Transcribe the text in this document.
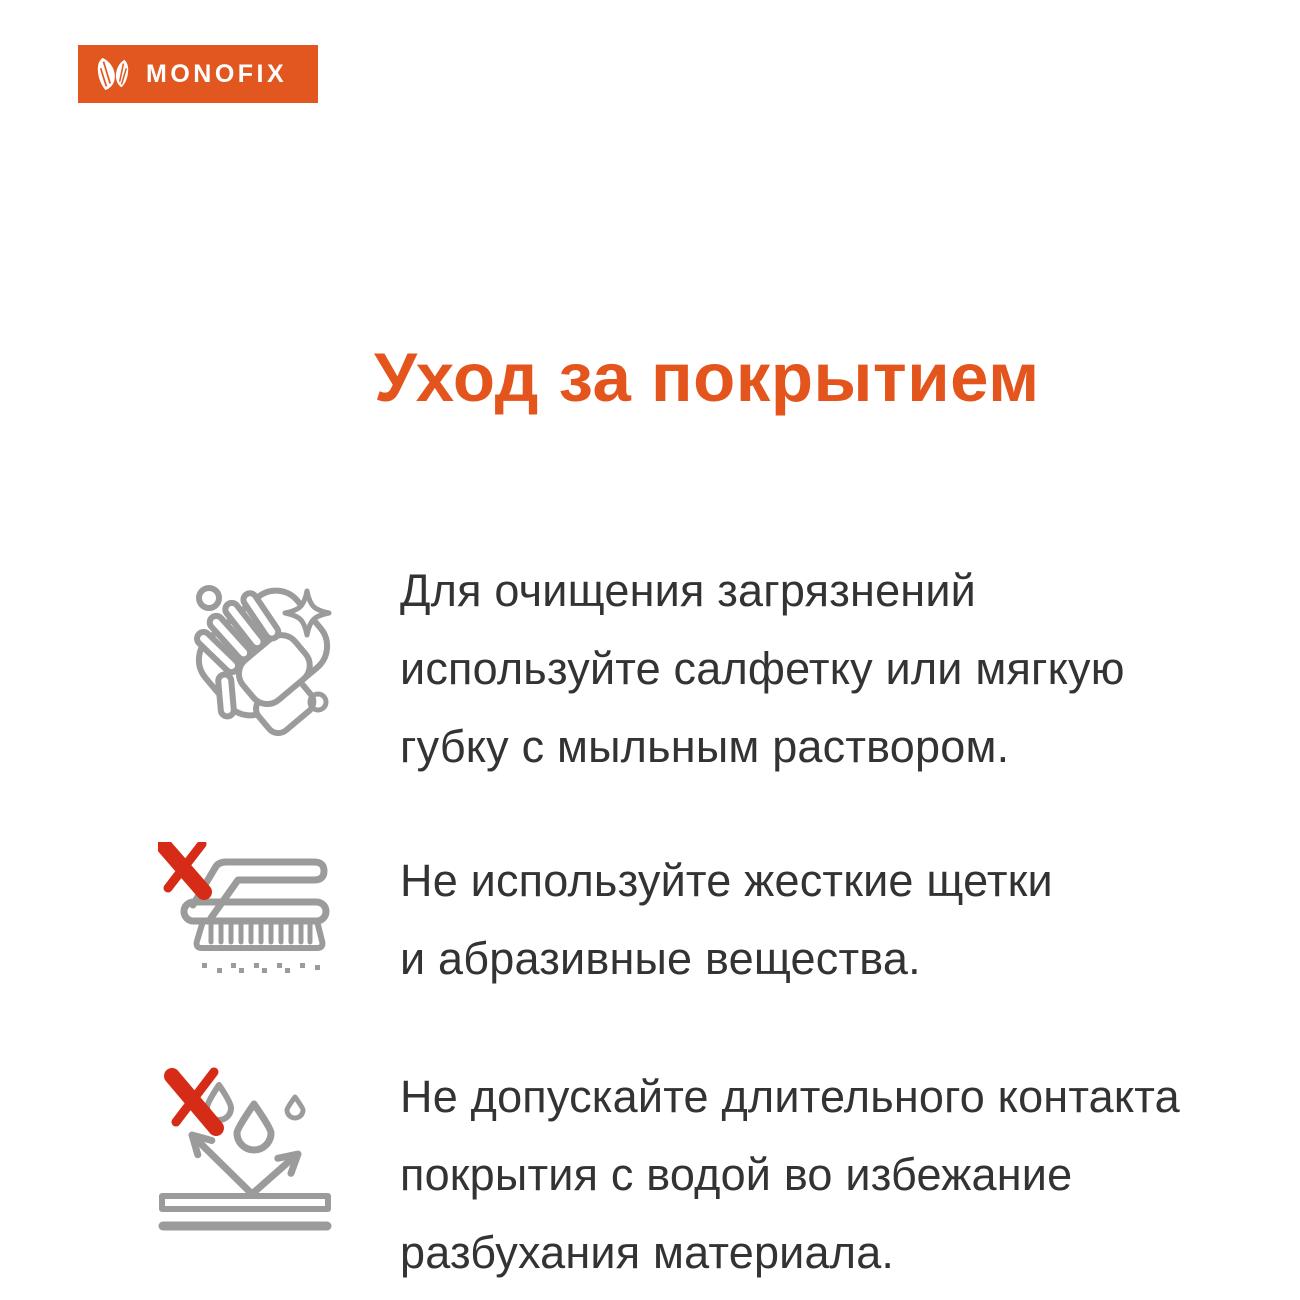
MONOFIX
Уход за покрытием
Для очищения загрязнений
используйте салфетку или мягкую
губку с мыльным раствором.
Не используйте жесткие щетки
и абразивные вещества.
Не допускайте длительного контакта
покрытия с водой во избежание
разбухания материала.
